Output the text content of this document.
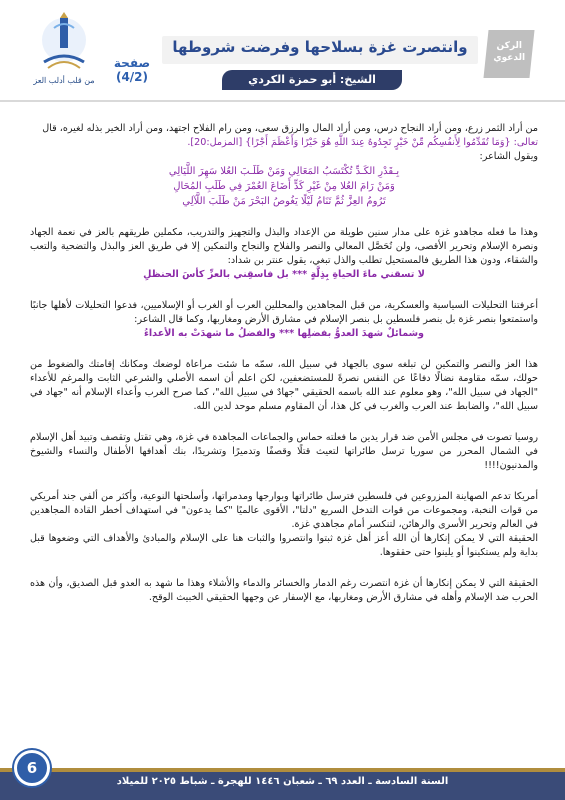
من قلب أدلب العز
صفحة
(4/2)
وانتصرت غزة بسلاحها وفرضت شروطها
الشيخ: أبو حمزة الكردي
الركن الدعوي

من أراد الثمر زرع، ومن أراد النجاح درس، ومن أراد المال والرزق سعى، ومن رام الفلاح اجتهد، ومن أراد الخير بذله لغيره، قال

تعالى: {وَمَا تُقَدِّمُوا لِأَنفُسِكُم مِّنْ خَيْرٍ تَجِدُوهُ عِندَ اللَّهِ هُوَ خَيْرًا وَأَعْظَمَ أَجْرًا} [المزمل:20].

ويقول الشاعر:

بِـقَدْرِ الكَـدِّ تُكْتَسَبُ المَعَالِي وَمَنْ طَلَـبَ العُلا سَهِرَ اللَّيَالِي
وَمَنْ رَامَ العُلا مِنْ غَيْرِ كَدٍّ أَضَاعَ العُمْرَ فِي طَلَبِ المُحَالِ
تَرُومُ العِزَّ ثُمَّ تَنَامُ لَيْلًا يَغُوصُ البَحْرَ مَنْ طَلَبَ اللَّآلِي

وهذا ما فعله مجاهدو غزة على مدار سنين طويلة من الإعداد والبذل والتجهيز والتدريب، مكملين طريقهم بالعز في نعمة الجهاد ونصرة الإسلام وتحرير الأقصى، ولن تُحَصَّل المعالي والنصر والفلاح والنجاح والتمكين إلا في طريق العز والبذل والتضحية والتعب والشقاء، ودون هذا الطريق فالمستحيل تطلب والذل تبغي، يقول عنتر بن شداد:

لا تسقني ماءَ الحياةِ بِذِلَّةٍ *** بل فاسقِني بالعزِّ كأسَ الحنظلِ

أعرفتنا التحليلات السياسية والعسكرية، من قبل المجاهدين والمحللين العرب أو الغرب أو الإسلاميين، فدعوا التحليلات لأهلها جانبًا واستمتعوا بنصر غزة بل بنصر فلسطين بل بنصر الإسلام في مشارق الأرض ومغاربها، وكما قال الشاعر:

وشمائلٌ شهدَ العدوُّ بفضلِها *** والفضلُ ما شهدَتْ به الأعداءُ

هذا العز والنصر والتمكين لن تبلغه سوى بالجهاد في سبيل الله، سمّه ما شئت مراعاة لوضعك ومكانك إقامتك والضغوط من حولك، سمّه مقاومة نضالًا دفاعًا عن النفس نصرةً للمستضعفين، لكن اعلم أن اسمه الأصلي والشرعي الثابت والمرغم للأعداء "الجهاد في سبيل الله"، وهو معلوم عند الله باسمه الحقيقي "جهادٌ في سبيل الله"، كما صرح الغرب وأعداء الإسلام أنه "جهاد في سبيل الله"، والضابط عند العرب والغرب في كل هذا، أن المقاوم مسلم موحد لدين الله.

روسيا تصوت في مجلس الأمن ضد قرار يدين ما فعلته حماس والجماعات المجاهدة في غزة، وهي تقتل وتقصف وتبيد أهل الإسلام في الشمال المحرر من سوريا ترسل طائراتها لتعيث قتلًا وقصفًا وتدميرًا وتشريدًا، بنك أهدافها الأطفال والنساء والشيوخ والمدنيون!!!!

أمريكا تدعم الصهاينة المزروعين في فلسطين فترسل طائراتها وبوارجها ومدمراتها، وأسلحتها النوعية، وأكثر من ألفي جند أمريكي من قوات النخبة، ومجموعات من قوات التدخل السريع "دلتا"، الأقوى عالميًا "كما يدعون" في استهداف أخطر القادة المجاهدين في العالم وتحرير الأسرى والرهائن، لتنكسر أمام مجاهدي غزة.

الحقيقة التي لا يمكن إنكارها أن الله أعز أهل غزة ثبتوا وانتصروا والثبات هنا على الإسلام والمبادئ والأهداف التي وضعوها قبل بداية ولم يستكينوا أو يلينوا حتى حققوها.

الحقيقة التي لا يمكن إنكارها أن غزة انتصرت رغم الدمار والخسائر والدماء والأشلاء وهذا ما شهد به العدو قبل الصديق، وأن هذه الحرب ضد الإسلام وأهله في مشارق الأرض ومغاربها، مع الإسفار عن وجهها الحقيقي الخبيث الوقح.

السنة السادسة ـ العدد ٦٩ ـ شعبان ١٤٤٦ للهجرة ـ شباط ٢٠٢٥ للميلاد
6
